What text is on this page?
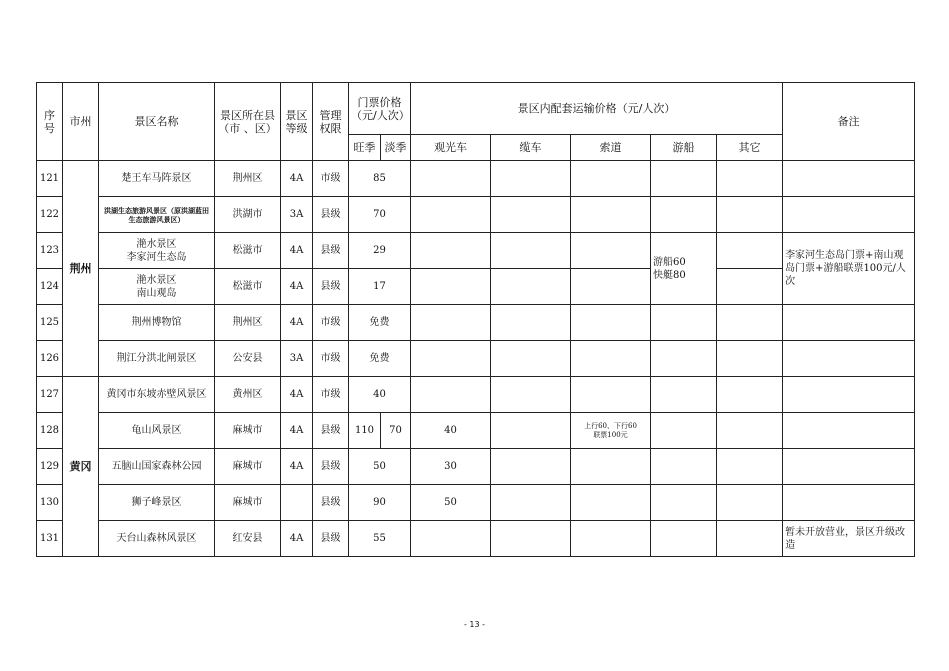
序号	市州	景区名称	景区所在县（市 、区）	景区等级	管理权限	门票价格（元/人次）		景区内配套运输价格（元/人次）					备注
						旺季	淡季	观光车	缆车	索道	游船	其它	
121	荆州	楚王车马阵景区	荆州区	4A	市级	85							
122		洪湖生态旅游风景区（原洪湖蓝田生态旅游风景区）	洪湖市	3A	县级	70							
123		滟水景区
李家河生态岛	松滋市	4A	县级	29					游船60
快艇80		李家河生态岛门票+南山观岛门票+游船联票100元/人次
124		滟水景区
南山观岛	松滋市	4A	县级	17							
125		荆州博物馆	荆州区	4A	市级	免费							
126		荆江分洪北闸景区	公安县	3A	市级	免费							
127	黄冈	黄冈市东坡赤壁风景区	黄州区	4A	市级	40							
128		龟山风景区	麻城市	4A	县级	110	70	40		上行60、下行60
联票100元			
129		五脑山国家森林公园	麻城市	4A	县级	50		30					
130		狮子峰景区	麻城市		县级	90		50					
131		天台山森林风景区	红安县	4A	县级	55							暂未开放营业，景区升级改造
- 13 -
